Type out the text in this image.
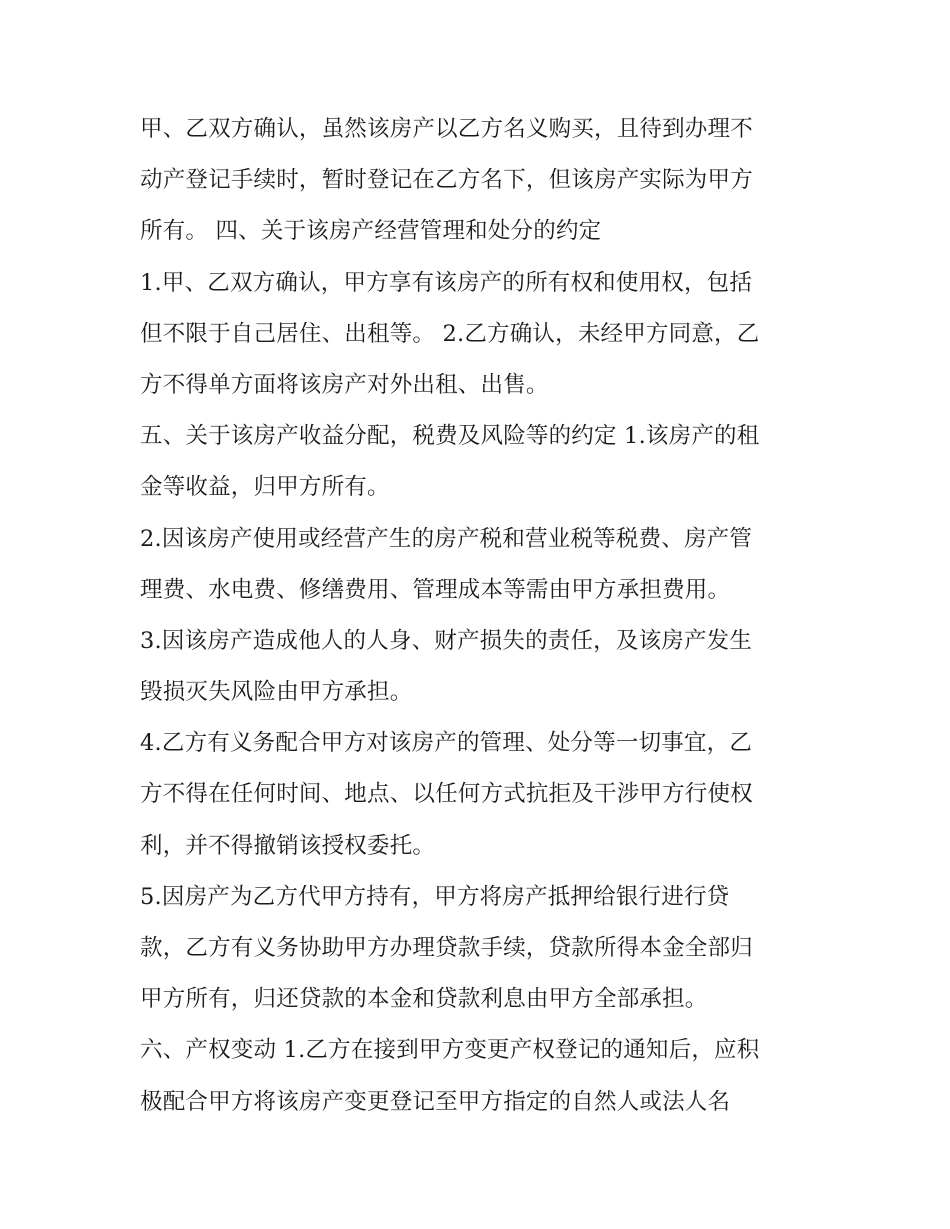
甲、乙双方确认，虽然该房产以乙方名义购买，且待到办理不
动产登记手续时，暂时登记在乙方名下，但该房产实际为甲方
所有。 四、关于该房产经营管理和处分的约定

1.甲、乙双方确认，甲方享有该房产的所有权和使用权，包括
但不限于自己居住、出租等。 2.乙方确认，未经甲方同意，乙
方不得单方面将该房产对外出租、出售。

五、关于该房产收益分配，税费及风险等的约定 1.该房产的租
金等收益，归甲方所有。

2.因该房产使用或经营产生的房产税和营业税等税费、房产管
理费、水电费、修缮费用、管理成本等需由甲方承担费用。

3.因该房产造成他人的人身、财产损失的责任，及该房产发生
毁损灭失风险由甲方承担。

4.乙方有义务配合甲方对该房产的管理、处分等一切事宜，乙
方不得在任何时间、地点、以任何方式抗拒及干涉甲方行使权
利，并不得撤销该授权委托。

5.因房产为乙方代甲方持有，甲方将房产抵押给银行进行贷
款，乙方有义务协助甲方办理贷款手续，贷款所得本金全部归
甲方所有，归还贷款的本金和贷款利息由甲方全部承担。

六、产权变动 1.乙方在接到甲方变更产权登记的通知后，应积
极配合甲方将该房产变更登记至甲方指定的自然人或法人名
